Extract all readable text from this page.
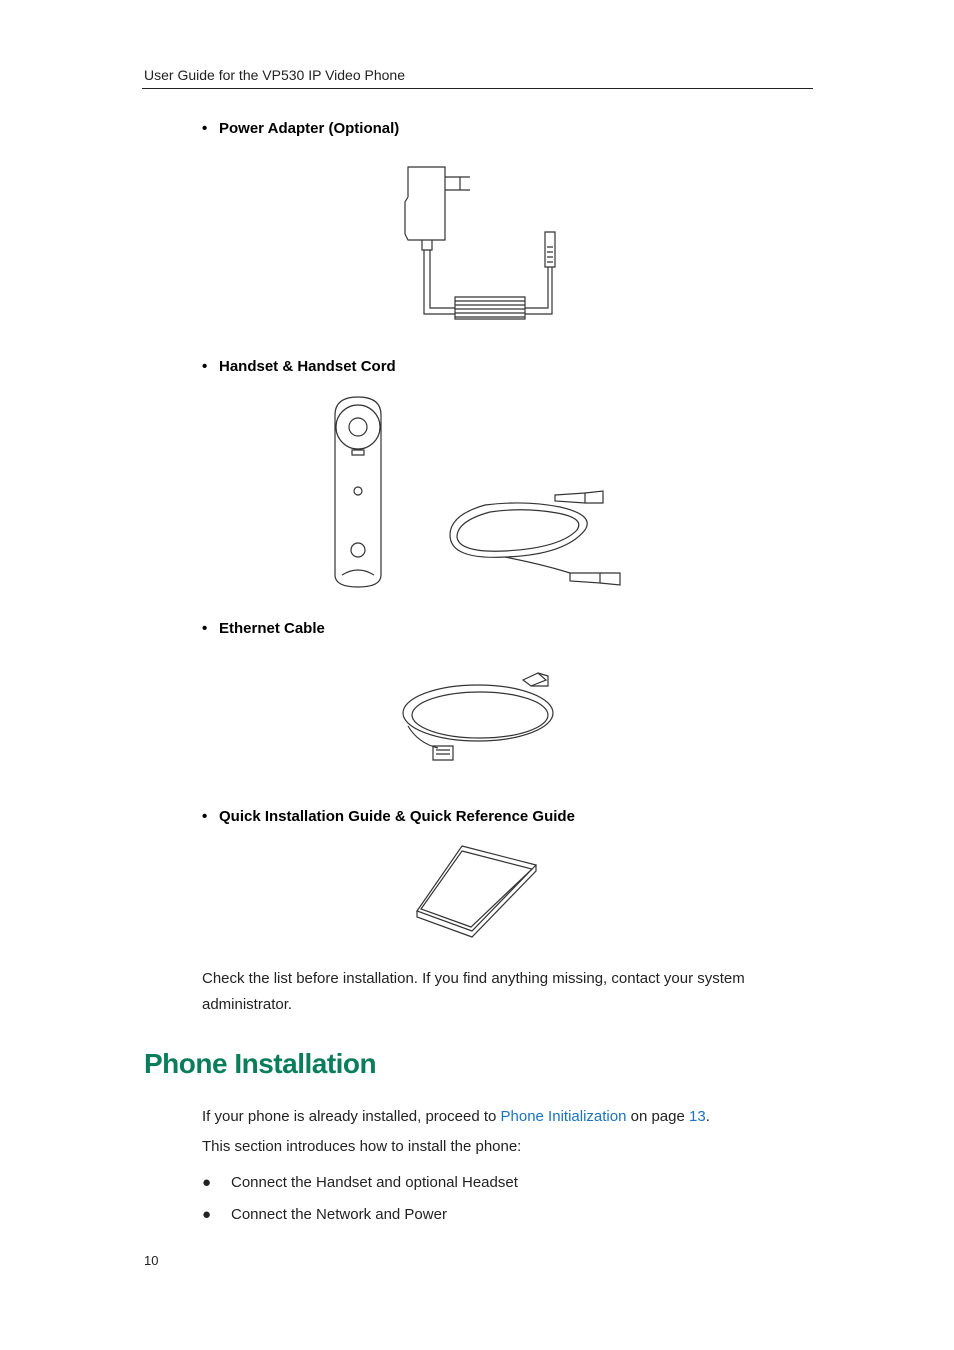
User Guide for the VP530 IP Video Phone
• Power Adapter (Optional)
• Handset & Handset Cord
• Ethernet Cable
• Quick Installation Guide & Quick Reference Guide
Check the list before installation. If you find anything missing, contact your system
administrator.
Phone Installation
If your phone is already installed, proceed to Phone Initialization on page 13.
This section introduces how to install the phone:
● Connect the Handset and optional Headset
● Connect the Network and Power
10
